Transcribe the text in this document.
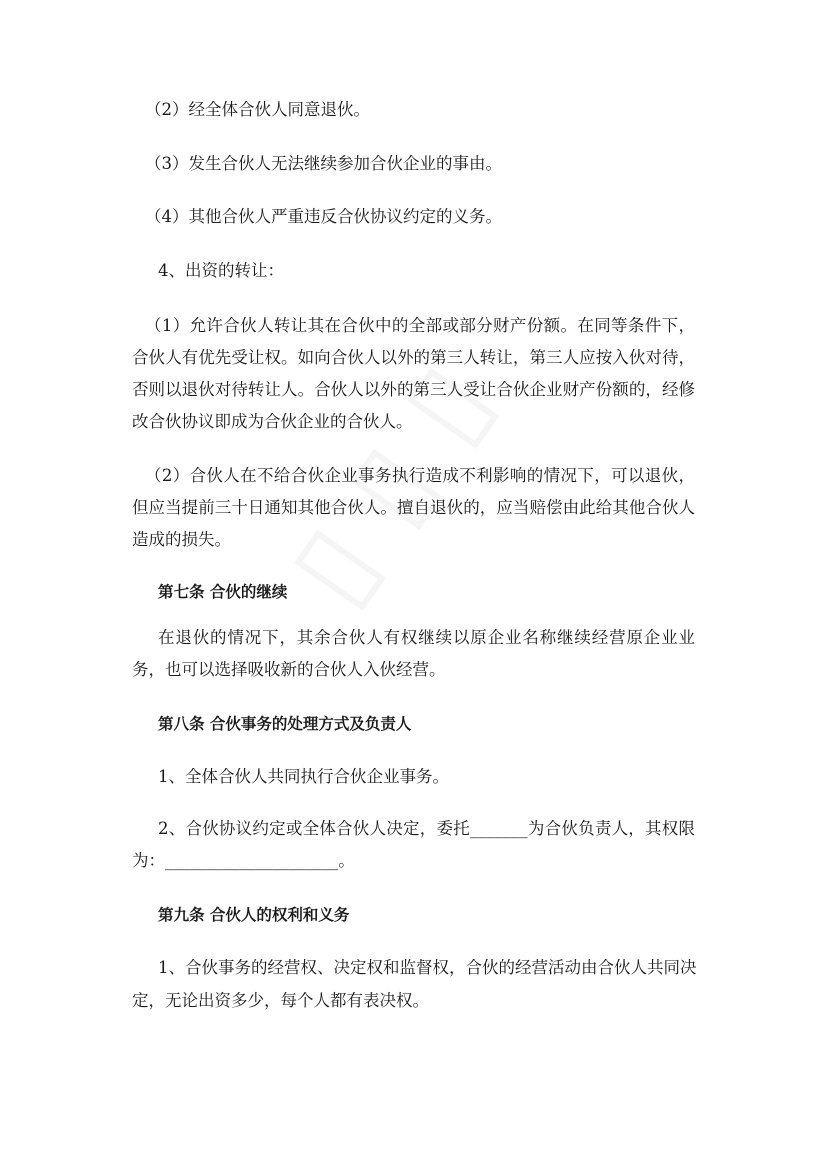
（2）经全体合伙人同意退伙。
（3）发生合伙人无法继续参加合伙企业的事由。
（4）其他合伙人严重违反合伙协议约定的义务。
4、出资的转让：
（1）允许合伙人转让其在合伙中的全部或部分财产份额。在同等条件下，
合伙人有优先受让权。如向合伙人以外的第三人转让，第三人应按入伙对待，
否则以退伙对待转让人。合伙人以外的第三人受让合伙企业财产份额的，经修
改合伙协议即成为合伙企业的合伙人。
（2）合伙人在不给合伙企业事务执行造成不利影响的情况下，可以退伙，
但应当提前三十日通知其他合伙人。擅自退伙的，应当赔偿由此给其他合伙人
造成的损失。
第七条 合伙的继续
在退伙的情况下，其余合伙人有权继续以原企业名称继续经营原企业业
务，也可以选择吸收新的合伙人入伙经营。
第八条 合伙事务的处理方式及负责人
1、全体合伙人共同执行合伙企业事务。
2、合伙协议约定或全体合伙人决定，委托_______为合伙负责人，其权限
为：_____________________。
第九条 合伙人的权利和义务
1、合伙事务的经营权、决定权和监督权，合伙的经营活动由合伙人共同决
定，无论出资多少，每个人都有表决权。
